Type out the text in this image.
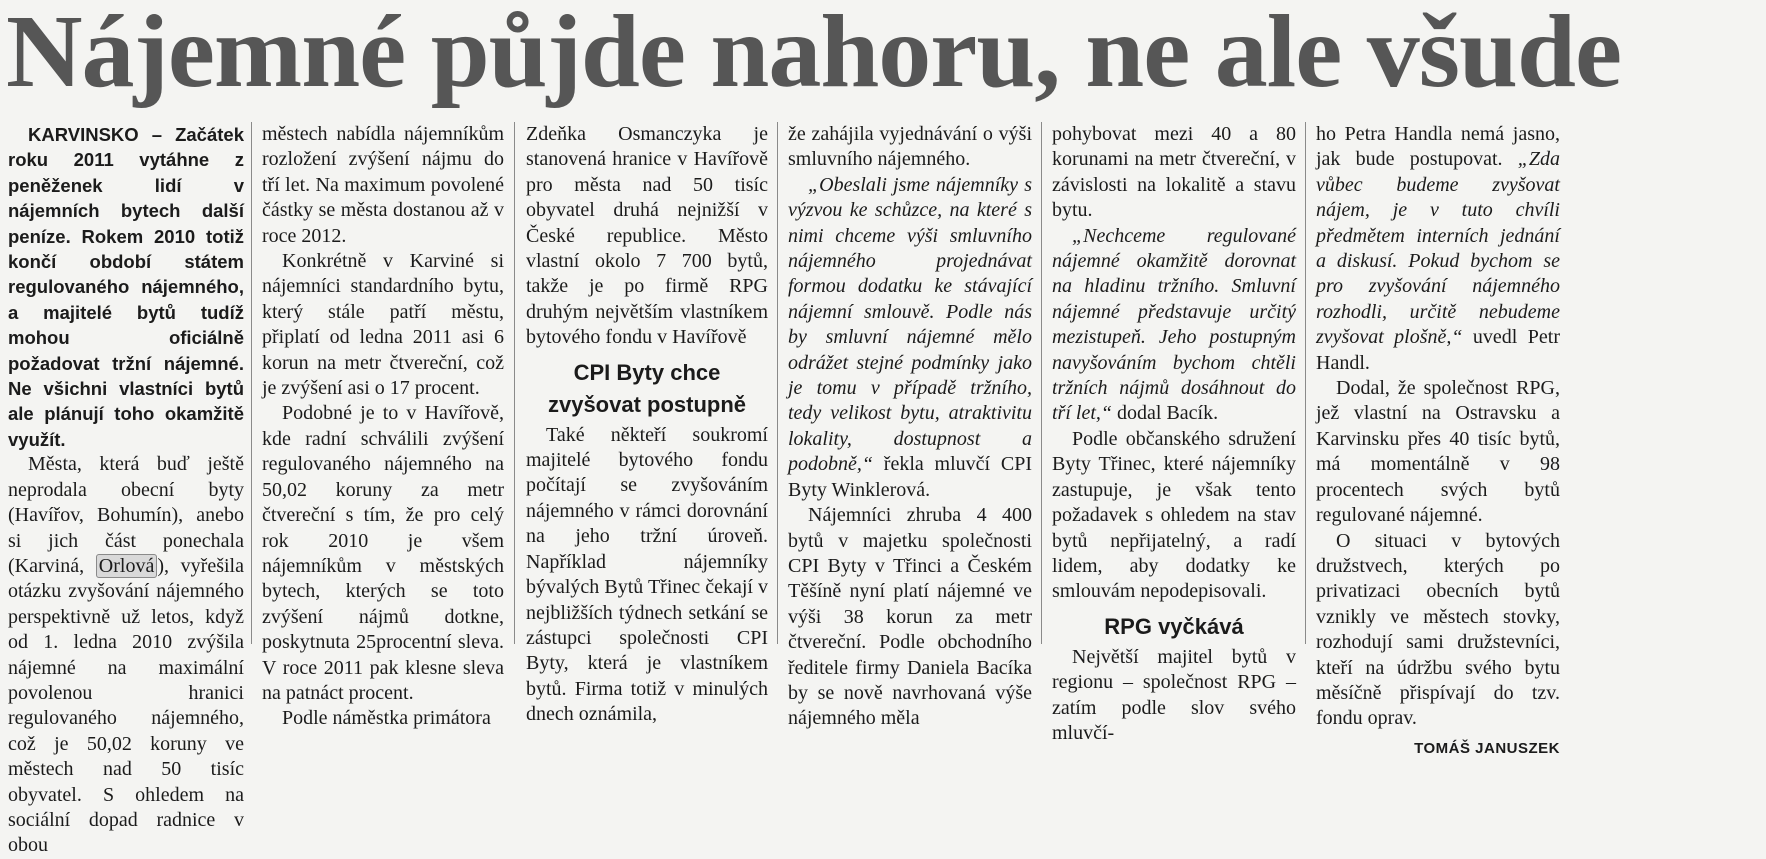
Nájemné půjde nahoru, ne ale všude

KARVINSKO – Začátek roku 2011 vytáhne z peněženek lidí v nájemních bytech další peníze. Rokem 2010 totiž končí období státem regulovaného nájemného, a majitelé bytů tudíž mohou oficiálně požadovat tržní nájemné. Ne všichni vlastníci bytů ale plánují toho okamžitě využít.

Města, která buď ještě neprodala obecní byty (Havířov, Bohumín), anebo si jich část ponechala (Karviná, Orlová ), vyřešila otázku zvyšování nájemného perspektivně už letos, když od 1. ledna 2010 zvýšila nájemné na maximální povolenou hranici regulovaného nájemného, což je 50,02 koruny ve městech nad 50 tisíc obyvatel. S ohledem na sociální dopad radnice v obou

městech nabídla nájemníkům rozložení zvýšení nájmu do tří let. Na maximum povolené částky se města dostanou až v roce 2012.

Konkrétně v Karviné si nájemníci standardního bytu, který stále patří městu, připlatí od ledna 2011 asi 6 korun na metr čtvereční, což je zvýšení asi o 17 procent.

Podobné je to v Havířově, kde radní schválili zvýšení regulovaného nájemného na 50,02 koruny za metr čtvereční s tím, že pro celý rok 2010 je všem nájemníkům v městských bytech, kterých se toto zvýšení nájmů dotkne, poskytnuta 25procentní sleva. V roce 2011 pak klesne sleva na patnáct procent.

Podle náměstka primátora

Zdeňka Osmanczyka je stanovená hranice v Havířově pro města nad 50 tisíc obyvatel druhá nejnižší v České republice. Město vlastní okolo 7 700 bytů, takže je po firmě RPG druhým největším vlastníkem bytového fondu v Havířově

CPI Byty chce zvyšovat postupně

Také někteří soukromí majitelé bytového fondu počítají se zvyšováním nájemného v rámci dorovnání na jeho tržní úroveň. Například nájemníky bývalých Bytů Třinec čekají v nejbližších týdnech setkání se zástupci společnosti CPI Byty, která je vlastníkem bytů. Firma totiž v minulých dnech oznámila,

že zahájila vyjednávání o výši smluvního nájemného.

„Obeslali jsme nájemníky s výzvou ke schůzce, na které s nimi chceme výši smluvního nájemného projednávat formou dodatku ke stávající nájemní smlouvě. Podle nás by smluvní nájemné mělo odrážet stejné podmínky jako je tomu v případě tržního, tedy velikost bytu, atraktivitu lokality, dostupnost a podobně,“ řekla mluvčí CPI Byty Winklerová.

Nájemníci zhruba 4 400 bytů v majetku společnosti CPI Byty v Třinci a Českém Těšíně nyní platí nájemné ve výši 38 korun za metr čtvereční. Podle obchodního ředitele firmy Daniela Bacíka by se nově navrhovaná výše nájemného měla

pohybovat mezi 40 a 80 korunami na metr čtvereční, v závislosti na lokalitě a stavu bytu.

„Nechceme regulované nájemné okamžitě dorovnat na hladinu tržního. Smluvní nájemné představuje určitý mezistupeň. Jeho postupným navyšováním bychom chtěli tržních nájmů dosáhnout do tří let,“ dodal Bacík.

Podle občanského sdružení Byty Třinec, které nájemníky zastupuje, je však tento požadavek s ohledem na stav bytů nepřijatelný, a radí lidem, aby dodatky ke smlouvám nepodepisovali.

RPG vyčkává

Největší majitel bytů v regionu – společnost RPG – zatím podle slov svého mluvčí-

ho Petra Handla nemá jasno, jak bude postupovat. „Zda vůbec budeme zvyšovat nájem, je v tuto chvíli předmětem interních jednání a diskusí. Pokud bychom se pro zvyšování nájemného rozhodli, určitě nebudeme zvyšovat plošně,“ uvedl Petr Handl.

Dodal, že společnost RPG, jež vlastní na Ostravsku a Karvinsku přes 40 tisíc bytů, má momentálně v 98 procentech svých bytů regulované nájemné.

O situaci v bytových družstvech, kterých po privatizaci obecních bytů vznikly ve městech stovky, rozhodují sami družstevníci, kteří na údržbu svého bytu měsíčně přispívají do tzv. fondu oprav.

TOMÁŠ JANUSZEK
